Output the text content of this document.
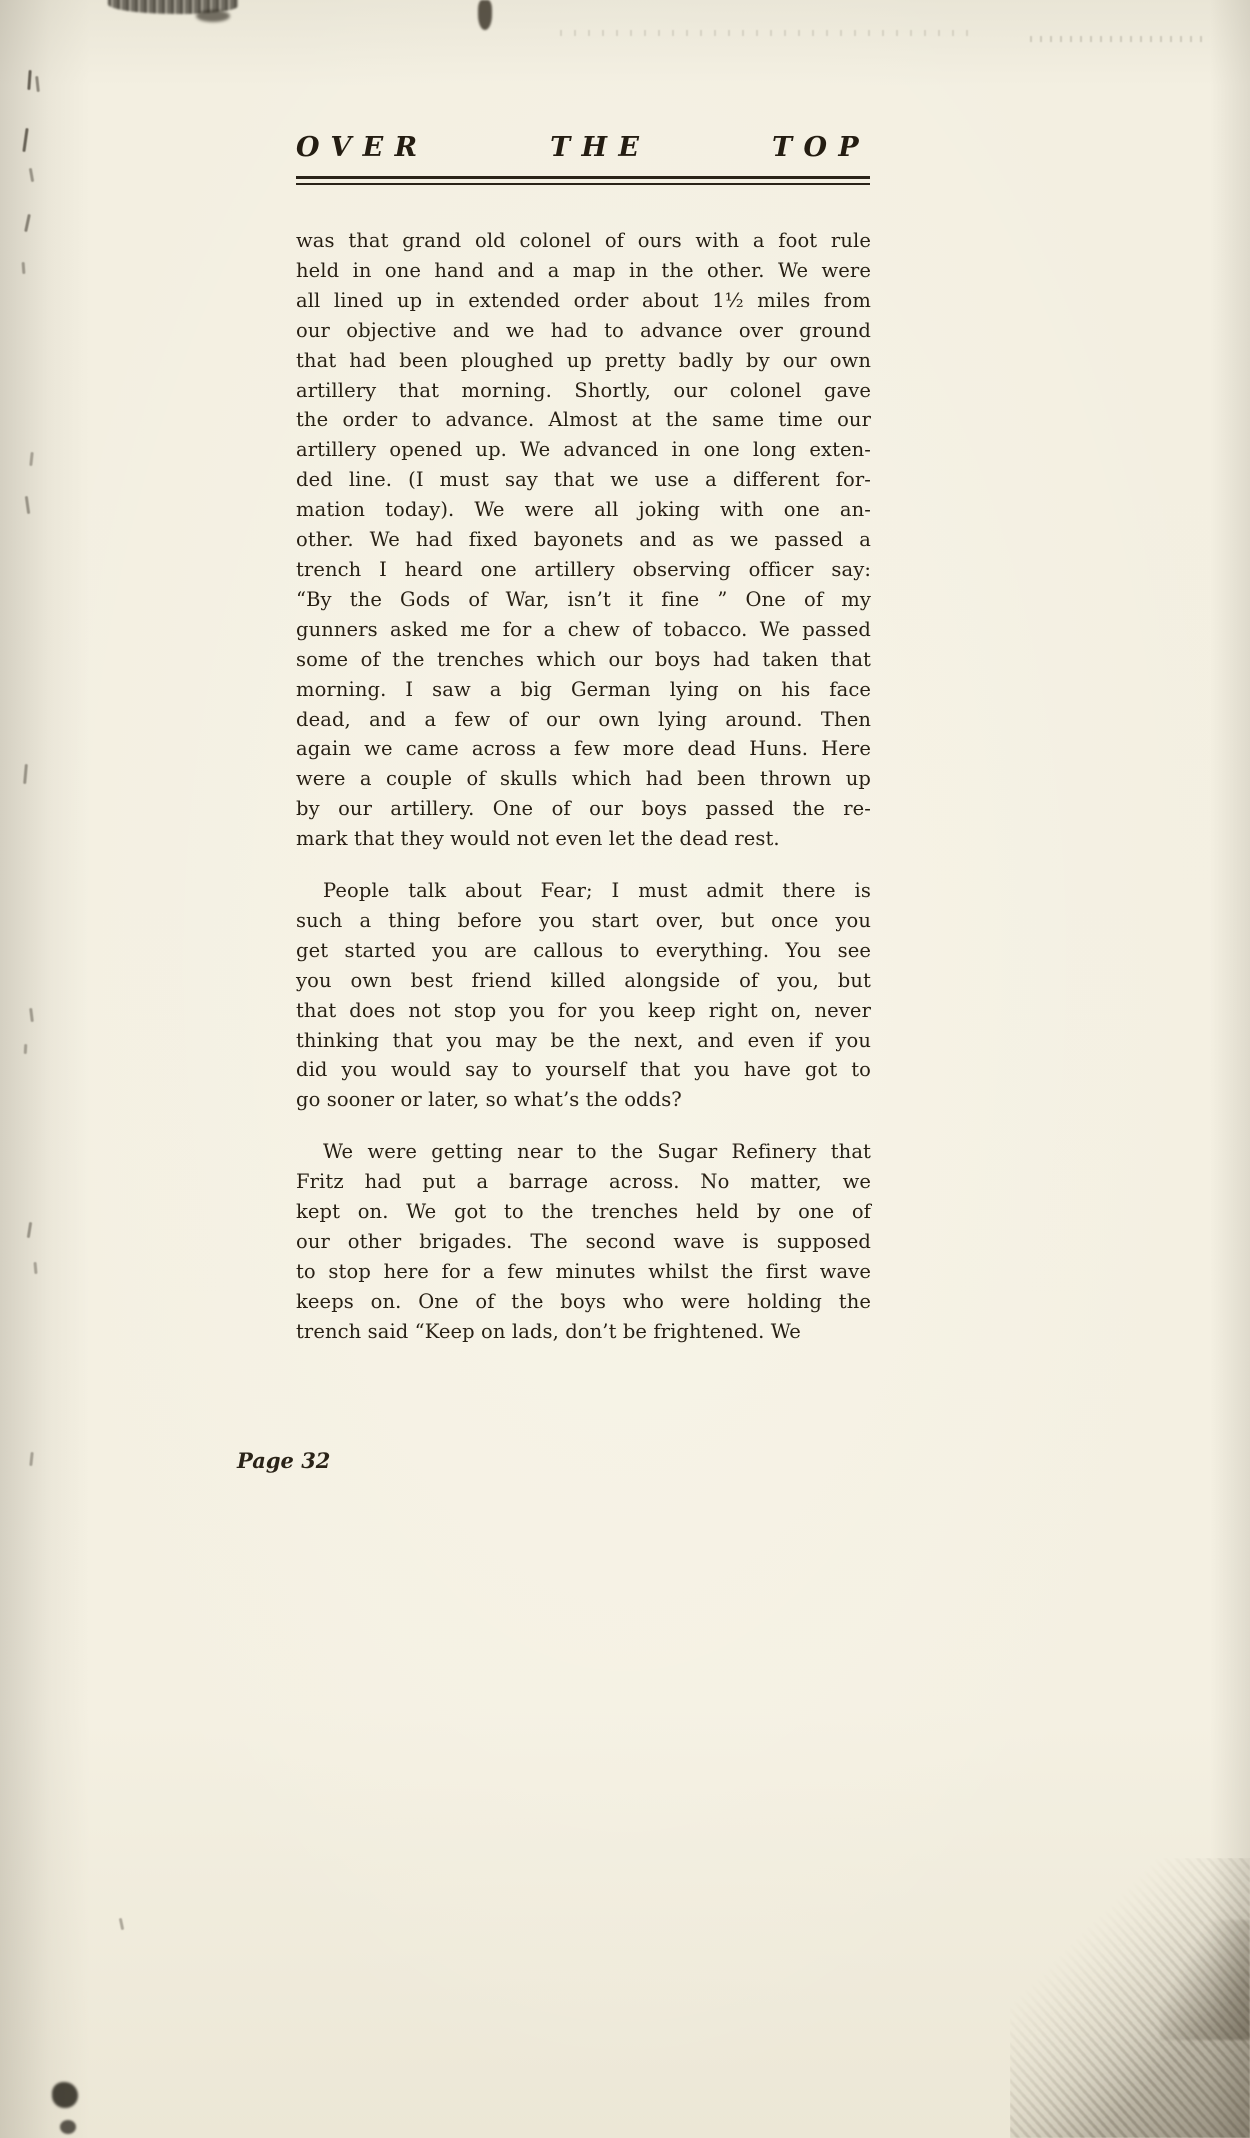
OVER	THE	TOP
was that grand old colonel of ours with a foot rule
held in one hand and a map in the other. We were
all lined up in extended order about 1½ miles from
our objective and we had to advance over ground
that had been ploughed up pretty badly by our own
artillery that morning. Shortly, our colonel gave
the order to advance. Almost at the same time our
artillery opened up. We advanced in one long exten-
ded line. (I must say that we use a different for-
mation today). We were all joking with one an-
other. We had fixed bayonets and as we passed a
trench I heard one artillery observing officer say:
“By the Gods of War, isn’t it fine ” One of my
gunners asked me for a chew of tobacco. We passed
some of the trenches which our boys had taken that
morning. I saw a big German lying on his face
dead, and a few of our own lying around. Then
again we came across a few more dead Huns. Here
were a couple of skulls which had been thrown up
by our artillery. One of our boys passed the re-
mark that they would not even let the dead rest.
People talk about Fear; I must admit there is
such a thing before you start over, but once you
get started you are callous to everything. You see
you own best friend killed alongside of you, but
that does not stop you for you keep right on, never
thinking that you may be the next, and even if you
did you would say to yourself that you have got to
go sooner or later, so what’s the odds?
We were getting near to the Sugar Refinery that
Fritz had put a barrage across. No matter, we
kept on. We got to the trenches held by one of
our other brigades. The second wave is supposed
to stop here for a few minutes whilst the first wave
keeps on. One of the boys who were holding the
trench said “Keep on lads, don’t be frightened. We
Page 32
